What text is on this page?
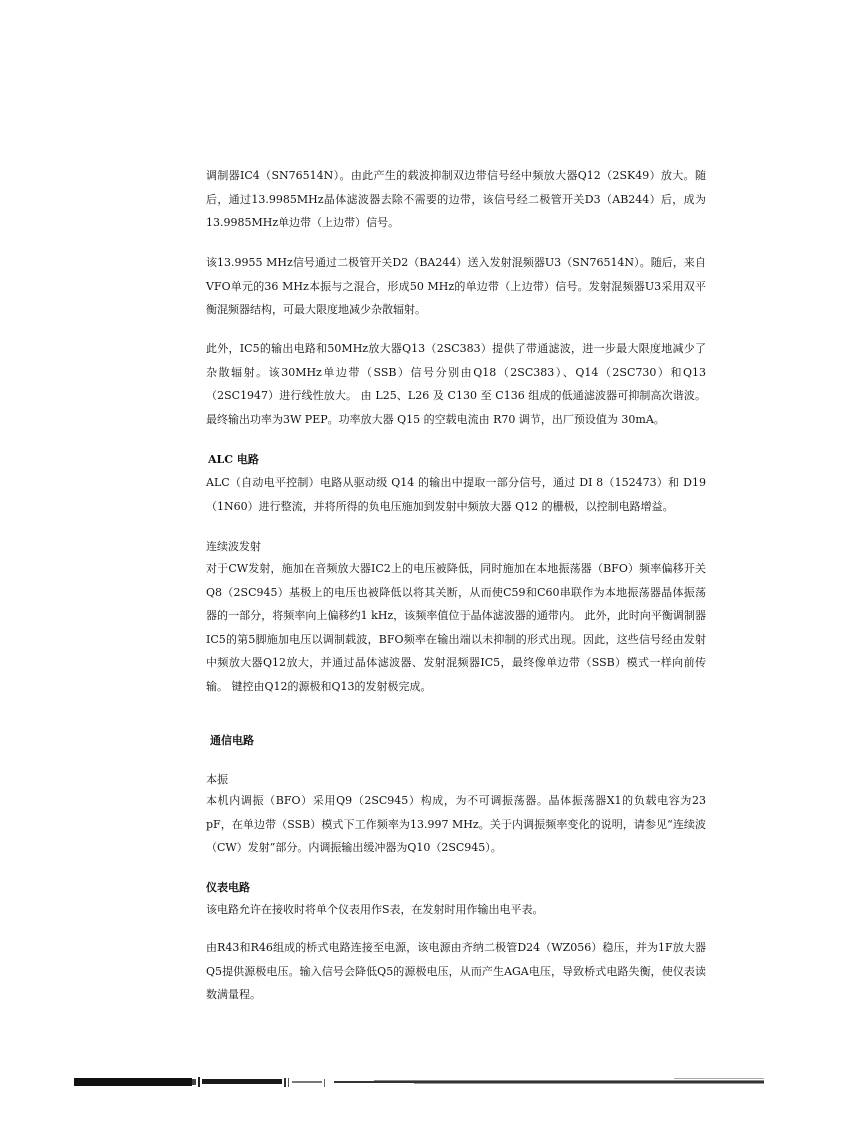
调制器IC4（SN76514N）。由此产生的载波抑制双边带信号经中频放大器Q12（2SK49）放大。随后，通过13.9985MHz晶体滤波器去除不需要的边带，该信号经二极管开关D3（AB244）后，成为13.9985MHz单边带（上边带）信号。
该13.9955 MHz信号通过二极管开关D2（BA244）送入发射混频器U3（SN76514N）。随后，来自VFO单元的36 MHz本振与之混合，形成50 MHz的单边带（上边带）信号。发射混频器U3采用双平衡混频器结构，可最大限度地减少杂散辐射。
此外，IC5的输出电路和50MHz放大器Q13（2SC383）提供了带通滤波，进一步最大限度地减少了杂散辐射。该30MHz单边带（SSB）信号分别由Q18（2SC383）、Q14（2SC730）和Q13（2SC1947）进行线性放大。 由 L25、L26 及 C130 至 C136 组成的低通滤波器可抑制高次谐波。最终输出功率为3W PEP。功率放大器 Q15 的空载电流由 R70 调节，出厂预设值为 30mA。
ALC 电路
ALC（自动电平控制）电路从驱动级 Q14 的输出中提取一部分信号，通过 DI 8（152473）和 D19（1N60）进行整流，并将所得的负电压施加到发射中频放大器 Q12 的栅极，以控制电路增益。
连续波发射
对于CW发射，施加在音频放大器IC2上的电压被降低，同时施加在本地振荡器（BFO）频率偏移开关Q8（2SC945）基极上的电压也被降低以将其关断，从而使C59和C60串联作为本地振荡器晶体振荡器的一部分，将频率向上偏移约1 kHz，该频率值位于晶体滤波器的通带内。 此外，此时向平衡调制器IC5的第5脚施加电压以调制载波，BFO频率在输出端以未抑制的形式出现。因此，这些信号经由发射中频放大器Q12放大，并通过晶体滤波器、发射混频器IC5，最终像单边带（SSB）模式一样向前传输。 键控由Q12的源极和Q13的发射极完成。
通信电路
本振
本机内调振（BFO）采用Q9（2SC945）构成，为不可调振荡器。晶体振荡器X1的负载电容为23 pF，在单边带（SSB）模式下工作频率为13.997 MHz。关于内调振频率变化的说明，请参见“连续波（CW）发射”部分。内调振输出缓冲器为Q10（2SC945）。
仪表电路
该电路允许在接收时将单个仪表用作S表，在发射时用作输出电平表。
由R43和R46组成的桥式电路连接至电源，该电源由齐纳二极管D24（WZ056）稳压，并为1F放大器Q5提供源极电压。输入信号会降低Q5的源极电压，从而产生AGA电压，导致桥式电路失衡，使仪表读数满量程。
